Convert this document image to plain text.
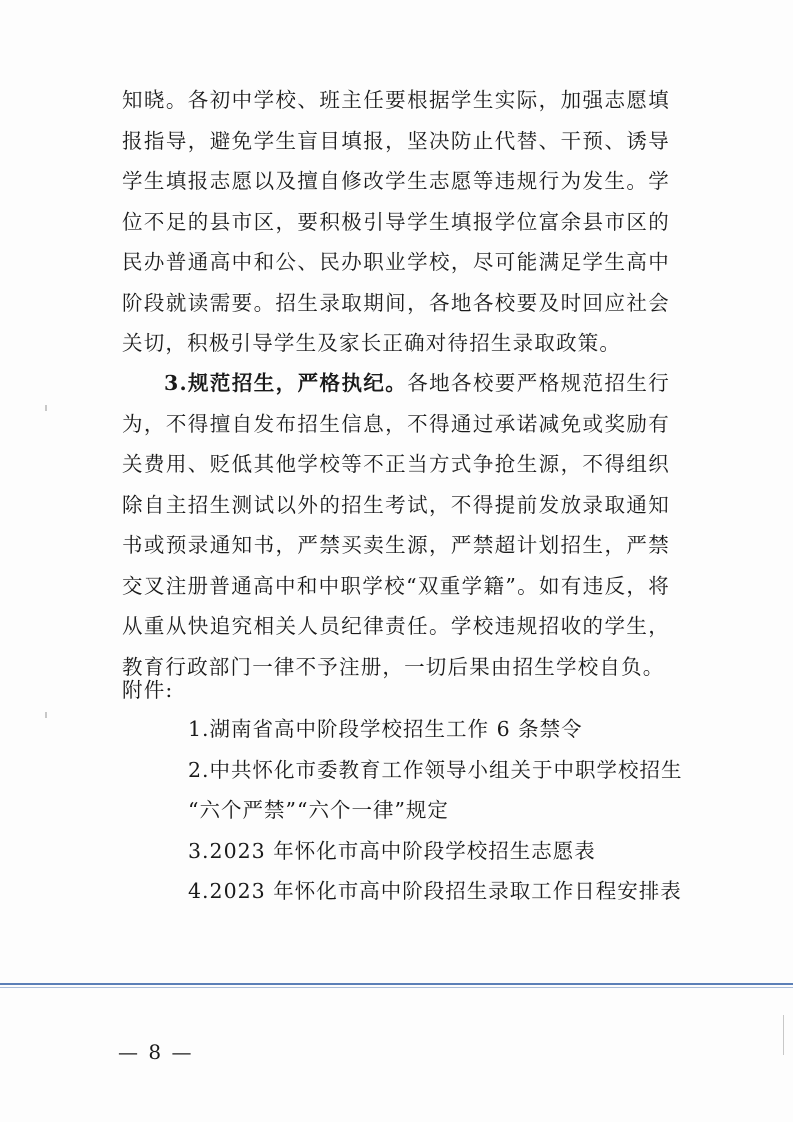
知晓。各初中学校、班主任要根据学生实际，加强志愿填报指导，避免学生盲目填报，坚决防止代替、干预、诱导学生填报志愿以及擅自修改学生志愿等违规行为发生。学位不足的县市区，要积极引导学生填报学位富余县市区的民办普通高中和公、民办职业学校，尽可能满足学生高中阶段就读需要。招生录取期间，各地各校要及时回应社会关切，积极引导学生及家长正确对待招生录取政策。

3.规范招生，严格执纪。各地各校要严格规范招生行为，不得擅自发布招生信息，不得通过承诺减免或奖励有关费用、贬低其他学校等不正当方式争抢生源，不得组织除自主招生测试以外的招生考试，不得提前发放录取通知书或预录通知书，严禁买卖生源，严禁超计划招生，严禁交叉注册普通高中和中职学校“双重学籍”。如有违反，将从重从快追究相关人员纪律责任。学校违规招收的学生，教育行政部门一律不予注册，一切后果由招生学校自负。

附件:

1.湖南省高中阶段学校招生工作 6 条禁令
2.中共怀化市委教育工作领导小组关于中职学校招生
“六个严禁”“六个一律”规定
3.2023 年怀化市高中阶段学校招生志愿表
4.2023 年怀化市高中阶段招生录取工作日程安排表
— 8 —
